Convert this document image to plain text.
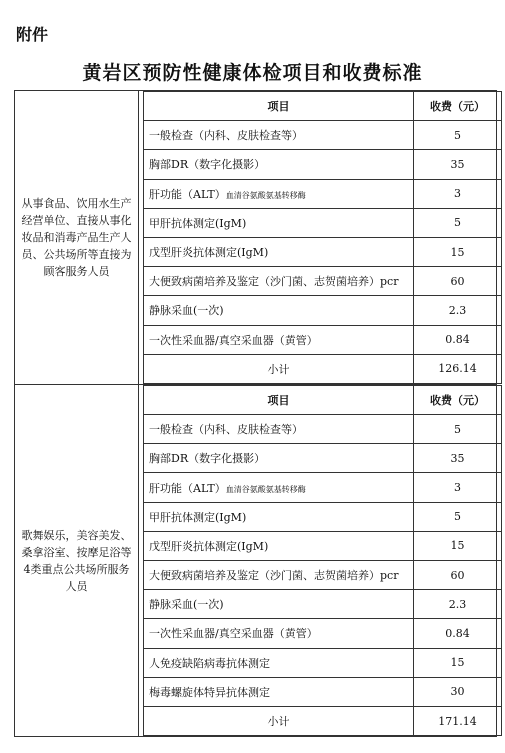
附件
黄岩区预防性健康体检项目和收费标准
从事食品、饮用水生产经营单位、直接从事化妆品和消毒产品生产人员、公共场所等直接为顾客服务人员	
项目	收费（元）
一般检查（内科、皮肤检查等）	5
胸部DR（数字化摄影）	35
肝功能（ALT）血清谷氨酸氨基转移酶	3
甲肝抗体测定(IgM)	5
戊型肝炎抗体测定(IgM)	15
大便致病菌培养及鉴定（沙门菌、志贺菌培养）pcr	60
静脉采血(一次)	2.3
一次性采血器/真空采血器（黄管）	0.84
小计	126.14

歌舞娱乐，美容美发、桑拿浴室、按摩足浴等4类重点公共场所服务人员	
项目	收费（元）
一般检查（内科、皮肤检查等）	5
胸部DR（数字化摄影）	35
肝功能（ALT）血清谷氨酸氨基转移酶	3
甲肝抗体测定(IgM)	5
戊型肝炎抗体测定(IgM)	15
大便致病菌培养及鉴定（沙门菌、志贺菌培养）pcr	60
静脉采血(一次)	2.3
一次性采血器/真空采血器（黄管）	0.84
人免疫缺陷病毒抗体测定	15
梅毒螺旋体特异抗体测定	30
小计	171.14
